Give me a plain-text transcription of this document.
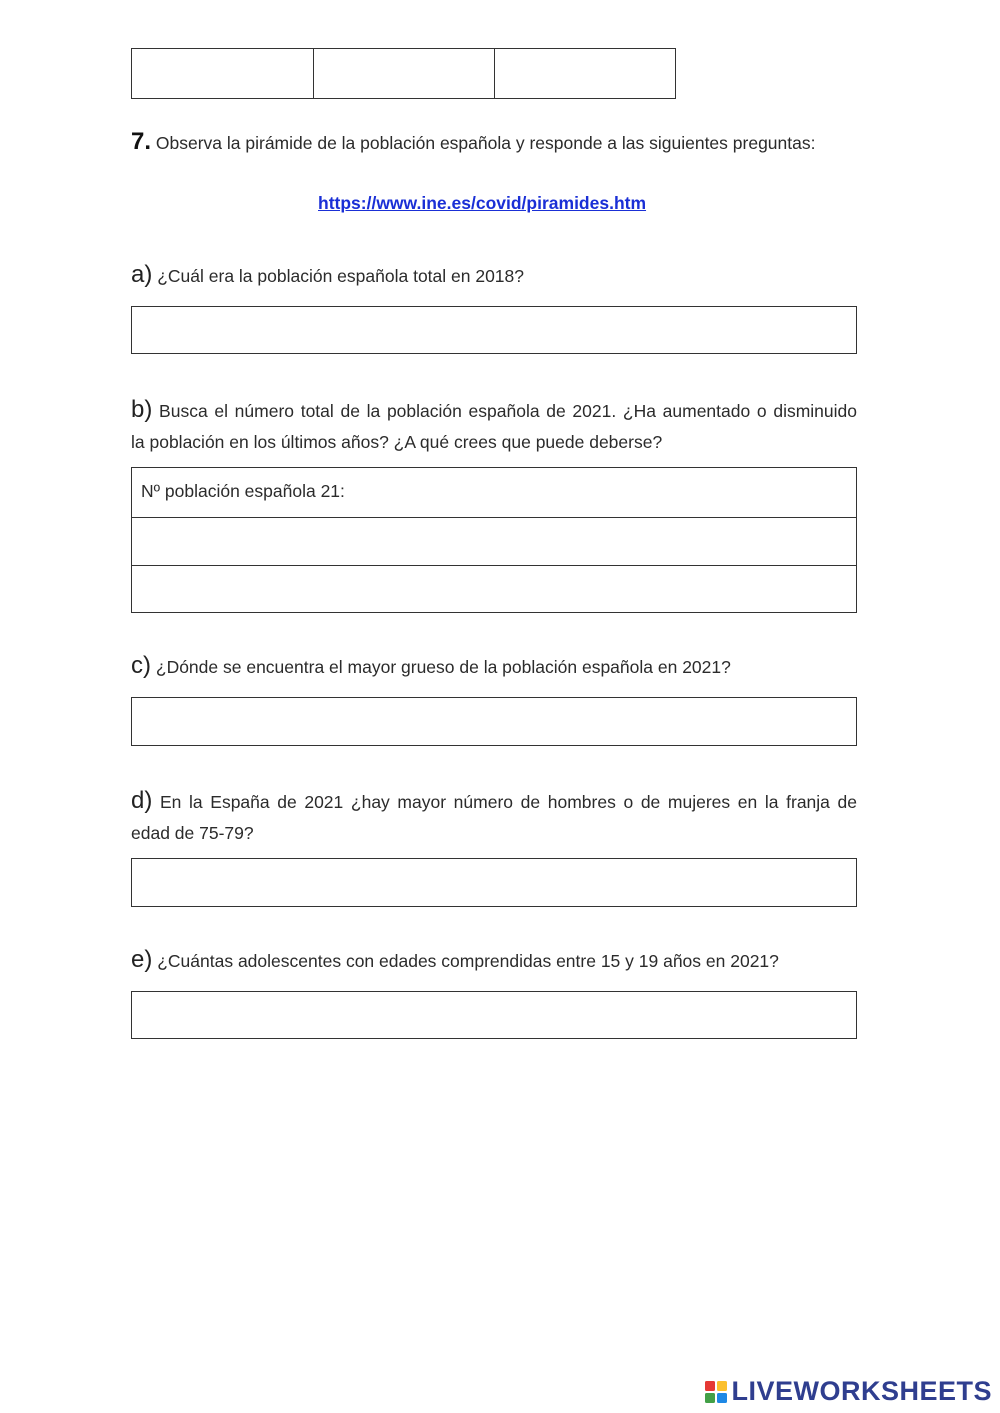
7. Observa la pirámide de la población española y responde a las siguientes preguntas:
https://www.ine.es/covid/piramides.htm
a) ¿Cuál era la población española total en 2018?
b) Busca el número total de la población española de 2021. ¿Ha aumentado o disminuido
la población en los últimos años? ¿A qué crees que puede deberse?
Nº población española 21:
c) ¿Dónde se encuentra el mayor grueso de la población española en 2021?
d) En la España de 2021 ¿hay mayor número de hombres o de mujeres en la franja de
edad de 75-79?
e) ¿Cuántas adolescentes con edades comprendidas entre 15 y 19 años en 2021?
LIVEWORKSHEETS
